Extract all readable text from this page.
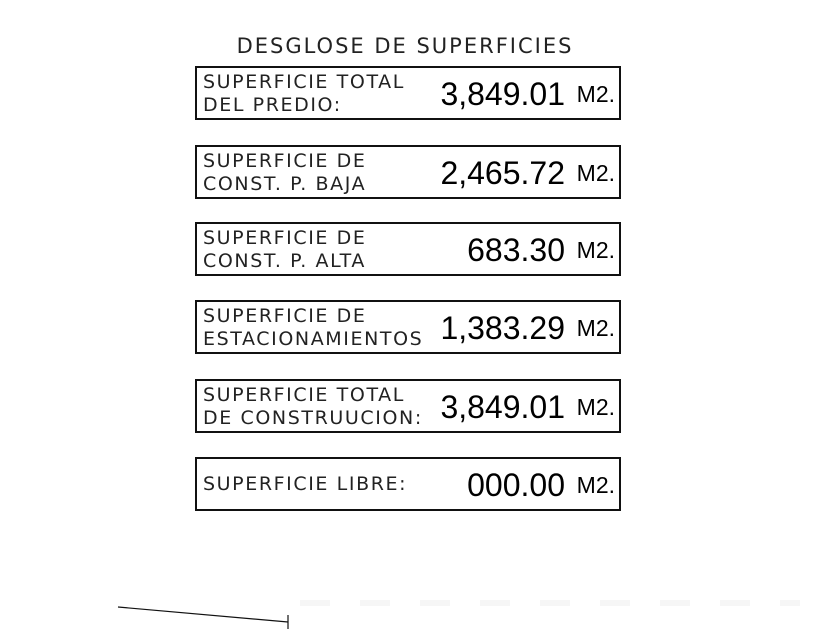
DESGLOSE DE SUPERFICIES
SUPERFICIE TOTAL
DEL PREDIO:	3,849.01 M2.
SUPERFICIE DE
CONST. P. BAJA 2,465.72 M2.
SUPERFICIE DE
CONST. P. ALTA	683.30 M2.
SUPERFICIE DE
ESTACIONAMIENTOS 1,383.29 M2.
SUPERFICIE TOTAL
DE CONSTRUUCION: 3,849.01 M2.
SUPERFICIE LIBRE: 000.00 M2.
